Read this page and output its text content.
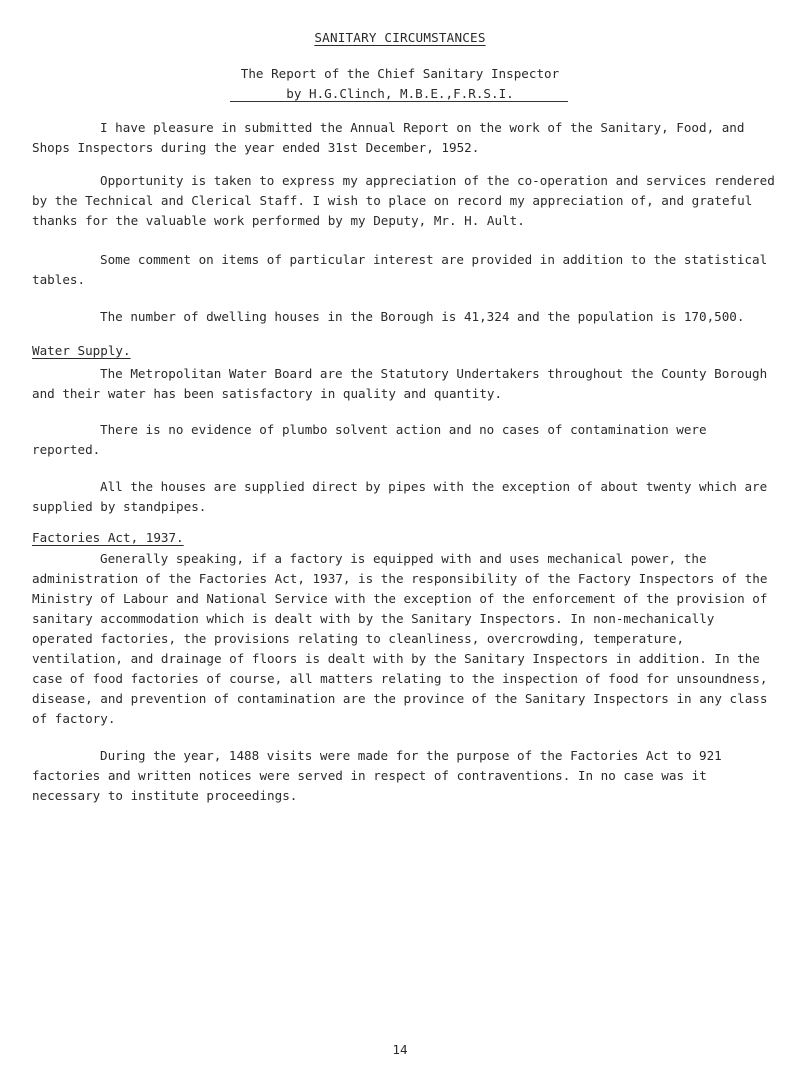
SANITARY CIRCUMSTANCES

The Report of the Chief Sanitary Inspector

by H.G.Clinch, M.B.E.,F.R.S.I.

I have pleasure in submitted the Annual Report on the work of the Sanitary, Food, and Shops Inspectors during the year ended 31st December, 1952.

Opportunity is taken to express my appreciation of the co-operation and services rendered by the Technical and Clerical Staff. I wish to place on record my appreciation of, and grateful thanks for the valuable work performed by my Deputy, Mr. H. Ault.

Some comment on items of particular interest are provided in addition to the statistical tables.

The number of dwelling houses in the Borough is 41,324 and the population is 170,500.

Water Supply.

The Metropolitan Water Board are the Statutory Undertakers throughout the County Borough and their water has been satisfactory in quality and quantity.

There is no evidence of plumbo solvent action and no cases of contamination were reported.

All the houses are supplied direct by pipes with the exception of about twenty which are supplied by standpipes.

Factories Act, 1937.

Generally speaking, if a factory is equipped with and uses mechanical power, the administration of the Factories Act, 1937, is the responsibility of the Factory Inspectors of the Ministry of Labour and National Service with the exception of the enforcement of the provision of sanitary accommodation which is dealt with by the Sanitary Inspectors. In non-mechanically operated factories, the provisions relating to cleanliness, overcrowding, temperature, ventilation, and drainage of floors is dealt with by the Sanitary Inspectors in addition. In the case of food factories of course, all matters relating to the inspection of food for unsoundness, disease, and prevention of contamination are the province of the Sanitary Inspectors in any class of factory.

During the year, 1488 visits were made for the purpose of the Factories Act to 921 factories and written notices were served in respect of contraventions. In no case was it necessary to institute proceedings.

14
